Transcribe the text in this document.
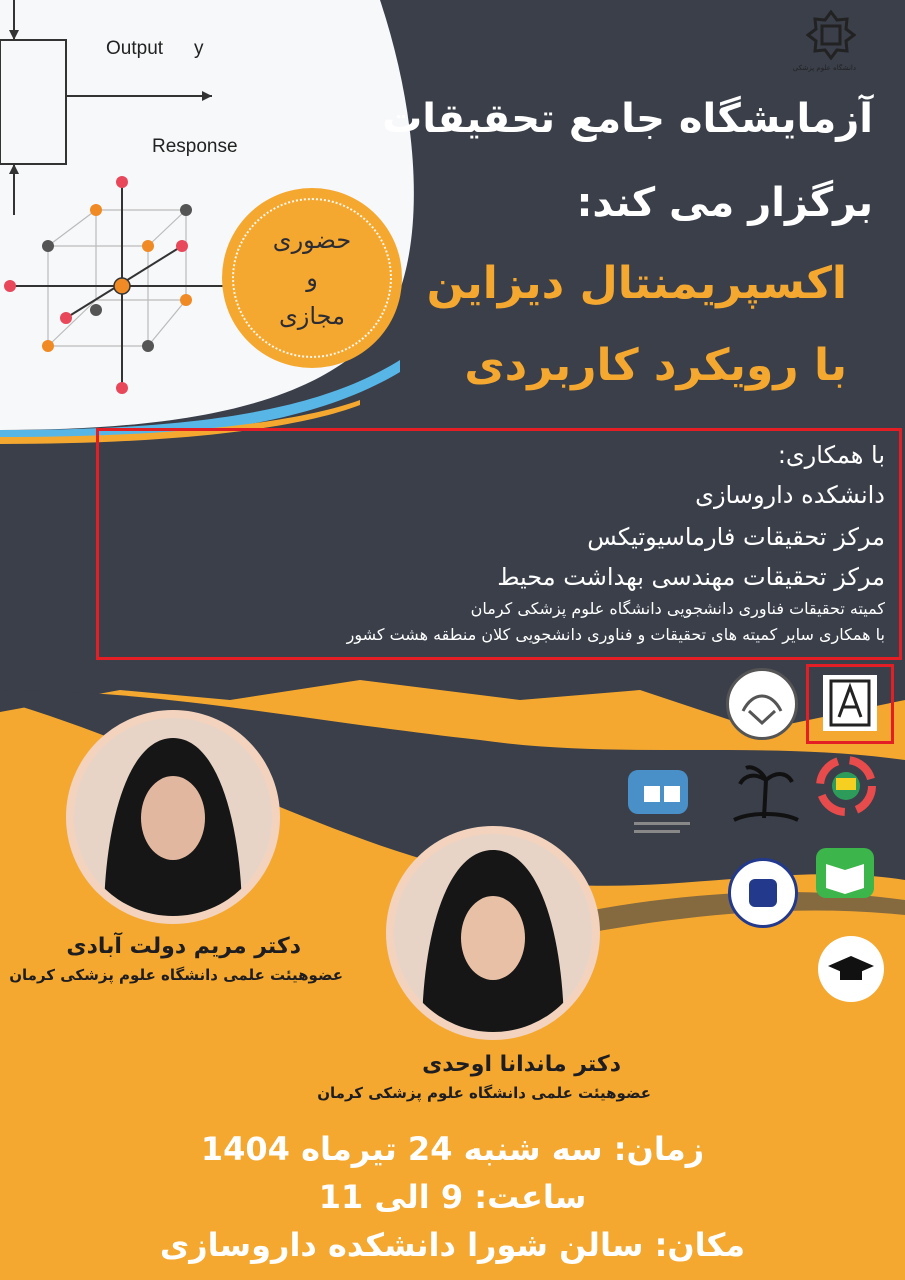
Output y
Response
دانشگاه علوم پزشکی
آزمایشگاه جامع تحقیقات
برگزار می کند:
اکسپریمنتال دیزاین
با رویکرد کاربردی
حضوری
و
مجازی
با همکاری:
دانشکده داروسازی
مرکز تحقیقات فارماسیوتیکس
مرکز تحقیقات مهندسی بهداشت محیط
کمیته تحقیقات فناوری دانشجویی دانشگاه علوم پزشکی کرمان
با همکاری سایر کمیته های تحقیقات و فناوری دانشجویی کلان منطقه هشت کشور
دکتر مریم دولت آبادی
عضوهیئت علمی دانشگاه علوم پزشکی کرمان
دکتر ماندانا اوحدی
عضوهیئت علمی دانشگاه علوم پزشکی کرمان
زمان: سه شنبه 24 تیرماه 1404
ساعت: 9 الی 11
مکان: سالن شورا دانشکده داروسازی
